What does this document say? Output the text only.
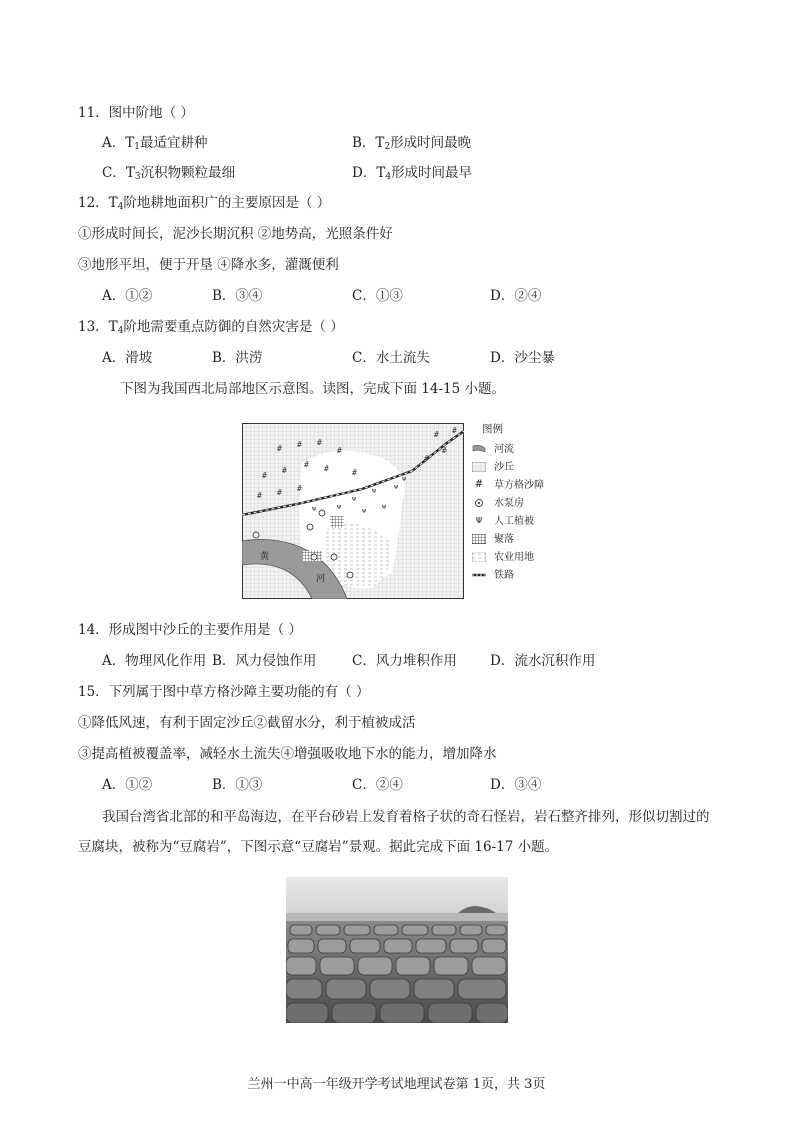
11．图中阶地（ ）
A．$T_1$最适宜耕种	B．$T_2$形成时间最晚
C．$T_3$沉积物颗粒最细	D．$T_4$形成时间最早
12．$T_4$阶地耕地面积广的主要原因是（ ）
①形成时间长，泥沙长期沉积 ②地势高，光照条件好
③地形平坦，便于开垦 ④降水多，灌溉便利
A．①②	B．③④	C．①③	D．②④
13．$T_4$阶地需要重点防御的自然灾害是（ ）
A．滑坡	B．洪涝	C．水土流失	D．沙尘暴
下图为我国西北局部地区示意图。读图，完成下面 14-15 小题。
# # #
#
#
#
# #
# # #
#
#
#
#
#
ᴪ
ᴪ	ᴪ
ᴪ	ᴪ ᴪ
ᴪ
ᴪ
黄
河
图例
河流
沙丘
# 草方格沙障
水泵房
ᴪ	人工植被
聚落
农业用地
铁路
14．形成图中沙丘的主要作用是（ ）
A．物理风化作用 B．风力侵蚀作用	C．风力堆积作用 D．流水沉积作用
15．下列属于图中草方格沙障主要功能的有（ ）
①降低风速，有利于固定沙丘②截留水分，利于植被成活
③提高植被覆盖率，减轻水土流失④增强吸收地下水的能力，增加降水
A．①②	B．①③	C．②④	D．③④
我国台湾省北部的和平岛海边，在平台砂岩上发育着格子状的奇石怪岩，岩石整齐排列，形似切割过的豆腐块，被称为“豆腐岩”，下图示意“豆腐岩”景观。据此完成下面 16-17 小题。
兰州一中高一年级开学考试地理试卷第 1页，共 3页
